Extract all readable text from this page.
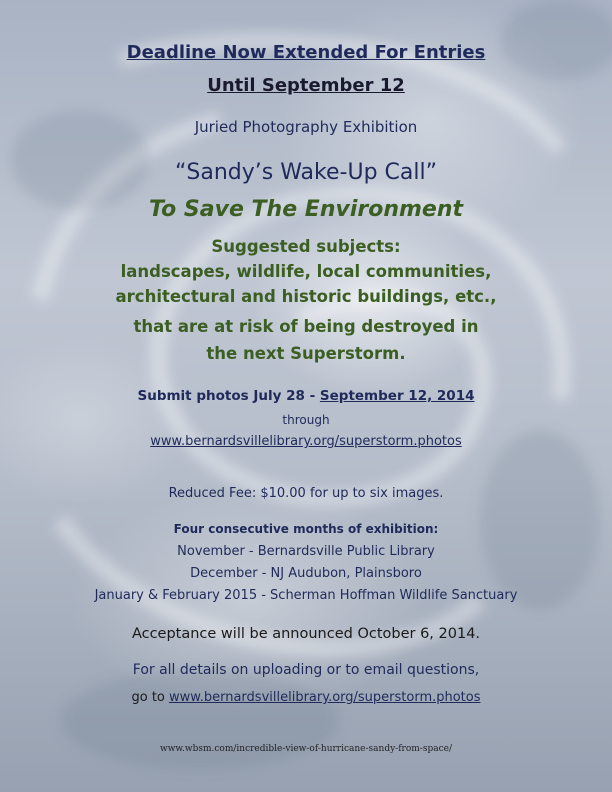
Deadline Now Extended For Entries

Until September 12

Juried Photography Exhibition

“Sandy’s Wake-Up Call”

To Save The Environment

Suggested subjects:

landscapes, wildlife, local communities,

architectural and historic buildings, etc.,

that are at risk of being destroyed in

the next Superstorm.

Submit photos July 28 - September 12, 2014

through

www.bernardsvillelibrary.org/superstorm.photos

Reduced Fee: $10.00 for up to six images.

Four consecutive months of exhibition:

November - Bernardsville Public Library

December - NJ Audubon, Plainsboro

January & February 2015 - Scherman Hoffman Wildlife Sanctuary

Acceptance will be announced October 6, 2014.

For all details on uploading or to email questions,

go to www.bernardsvillelibrary.org/superstorm.photos

www.wbsm.com/incredible-view-of-hurricane-sandy-from-space/
